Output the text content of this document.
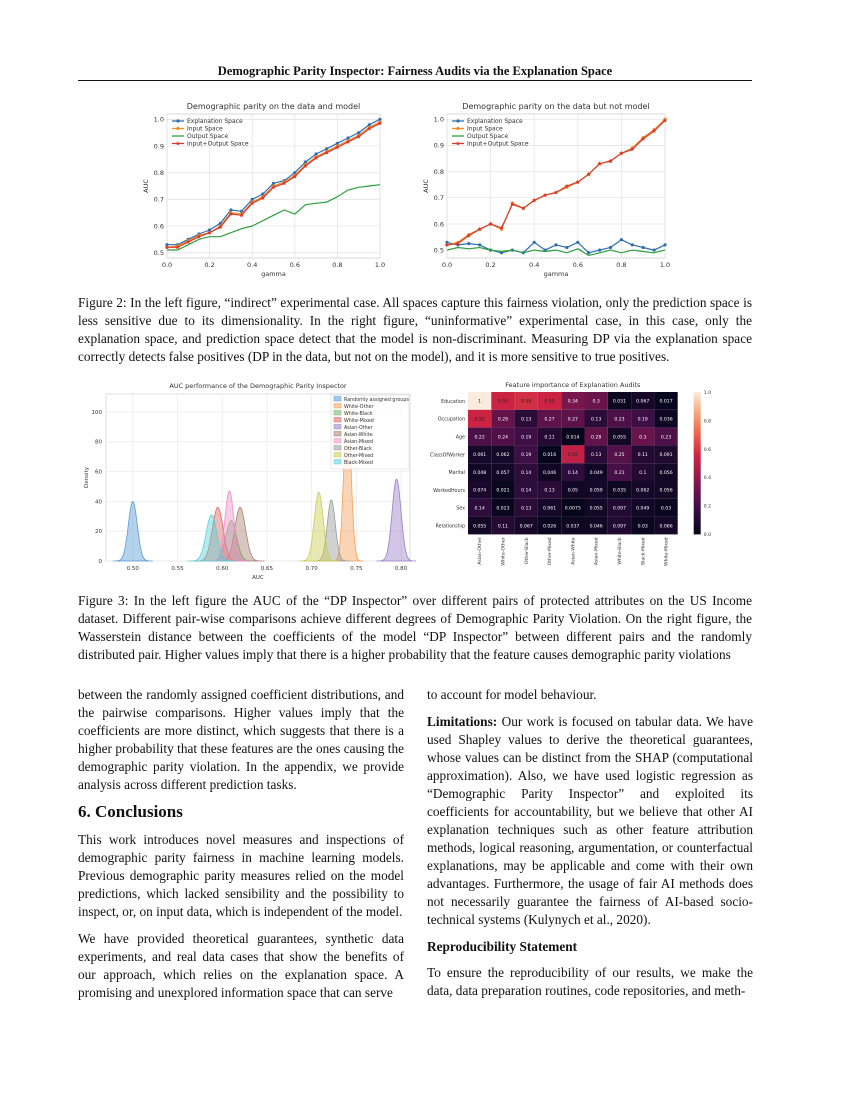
Demographic Parity Inspector: Fairness Audits via the Explanation Space
0.0	0.2	0.4	0.6	0.8	1.0
0.5
0.6
0.7
0.8
0.9
1.0
Demographic parity on the data and model
gamma
AUC
Explanation Space
Input Space
Output Space
Input+Output Space
0.0	0.2	0.4	0.6	0.8	1.0
0.5
0.6
0.7
0.8
0.9
1.0
Demographic parity on the data but not model
gamma
AUC
Explanation Space
Input Space
Output Space
Input+Output Space
Figure 2: In the left figure, “indirect” experimental case. All spaces capture this fairness violation, only the prediction space is less sensitive due to its dimensionality. In the right figure, “uninformative” experimental case, in this case, only the explanation space, and prediction space detect that the model is non-discriminant. Measuring DP via the explanation space correctly detects false positives (DP in the data, but not on the model), and it is more sensitive to true positives.
0.50	0.55	0.60	0.65	0.70	0.75	0.80
0
20
40
60
80
100
AUC performance of the Demographic Parity Inspector
AUC
Density
Randomly assigned groups
White-Other
White-Black
White-Mixed
Asian-Other
Asian-White
Asian-Mixed
Other-Black
Other-Mixed
Black-Mixed
Feature importance of Explanation Audits
Education	1	0.55	0.58	0.55	0.34	0.3	0.031 0.067 0.017
Occupation 0.55	0.29	0.13	0.27	0.27	0.13	0.23	0.19	0.036
Age 0.22	0.24	0.19	0.11	0.014	0.28	0.055	0.3	0.23
ClassOfWorker 0.061 0.062	0.19	0.016	0.52	0.13	0.25	0.11	0.091
Marital 0.048 0.057	0.14	0.046	0.14	0.049	0.21	0.1	0.056
WorkedHours 0.074 0.021	0.14	0.13	0.05	0.059 0.035 0.062 0.056
Sex 0.14	0.023	0.13	0.061 0.0075 0.055 0.097 0.049	0.03
Relationship 0.055	0.11	0.067 0.026 0.037 0.046 0.097	0.03	0.066
Asian-Other	White-Other	Other-Black	Other-Mixed	Asian-White	Asian-Mixed	White-Black	Black-Mixed	White-Mixed
1.0
0.8
0.6
0.4
0.2
0.0
Figure 3: In the left figure the AUC of the “DP Inspector” over different pairs of protected attributes on the US Income dataset. Different pair-wise comparisons achieve different degrees of Demographic Parity Violation. On the right figure, the Wasserstein distance between the coefficients of the model “DP Inspector” between different pairs and the randomly distributed pair. Higher values imply that there is a higher probability that the feature causes demographic parity violations

between the randomly assigned coefficient distributions, and the pairwise comparisons. Higher values imply that the coefficients are more distinct, which suggests that there is a higher probability that these features are the ones causing the demographic parity violation. In the appendix, we provide analysis across different prediction tasks.

6. Conclusions

This work introduces novel measures and inspections of demographic parity fairness in machine learning models. Previous demographic parity measures relied on the model predictions, which lacked sensibility and the possibility to inspect, or, on input data, which is independent of the model.

We have provided theoretical guarantees, synthetic data experiments, and real data cases that show the benefits of our approach, which relies on the explanation space. A promising and unexplored information space that can serve

to account for model behaviour.

Limitations: Our work is focused on tabular data. We have used Shapley values to derive the theoretical guarantees, whose values can be distinct from the SHAP (computational approximation). Also, we have used logistic regression as “Demographic Parity Inspector” and exploited its coefficients for accountability, but we believe that other AI explanation techniques such as other feature attribution methods, logical reasoning, argumentation, or counterfactual explanations, may be applicable and come with their own advantages. Furthermore, the usage of fair AI methods does not necessarily guarantee the fairness of AI-based socio-technical systems (Kulynych et al., 2020).

Reproducibility Statement

To ensure the reproducibility of our results, we make the data, data preparation routines, code repositories, and meth-
